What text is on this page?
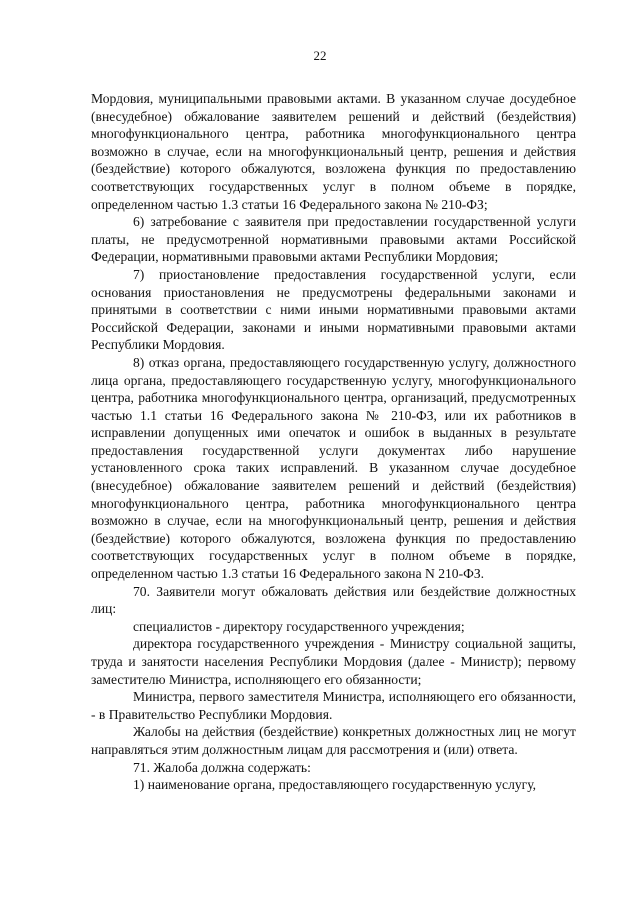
22

Мордовия, муниципальными правовыми актами. В указанном случае досудебное (внесудебное) обжалование заявителем решений и действий (бездействия) многофункционального центра, работника многофункционального центра возможно в случае, если на многофункциональный центр, решения и действия (бездействие) которого обжалуются, возложена функция по предоставлению соответствующих государственных услуг в полном объеме в порядке, определенном частью 1.3 статьи 16 Федерального закона № 210-ФЗ;

6) затребование с заявителя при предоставлении государственной услуги платы, не предусмотренной нормативными правовыми актами Российской Федерации, нормативными правовыми актами Республики Мордовия;

7) приостановление предоставления государственной услуги, если основания приостановления не предусмотрены федеральными законами и принятыми в соответствии с ними иными нормативными правовыми актами Российской Федерации, законами и иными нормативными правовыми актами Республики Мордовия.

8) отказ органа, предоставляющего государственную услугу, должностного лица органа, предоставляющего государственную услугу, многофункционального центра, работника многофункционального центра, организаций, предусмотренных частью 1.1 статьи 16 Федерального закона № 210-ФЗ, или их работников в исправлении допущенных ими опечаток и ошибок в выданных в результате предоставления государственной услуги документах либо нарушение установленного срока таких исправлений. В указанном случае досудебное (внесудебное) обжалование заявителем решений и действий (бездействия) многофункционального центра, работника многофункционального центра возможно в случае, если на многофункциональный центр, решения и действия (бездействие) которого обжалуются, возложена функция по предоставлению соответствующих государственных услуг в полном объеме в порядке, определенном частью 1.3 статьи 16 Федерального закона N 210-ФЗ.

70. Заявители могут обжаловать действия или бездействие должностных лиц:

специалистов - директору государственного учреждения;

директора государственного учреждения - Министру социальной защиты, труда и занятости населения Республики Мордовия (далее - Министр); первому заместителю Министра, исполняющего его обязанности;

Министра, первого заместителя Министра, исполняющего его обязанности, - в Правительство Республики Мордовия.

Жалобы на действия (бездействие) конкретных должностных лиц не могут направляться этим должностным лицам для рассмотрения и (или) ответа.

71. Жалоба должна содержать:

1) наименование органа, предоставляющего государственную услугу,
